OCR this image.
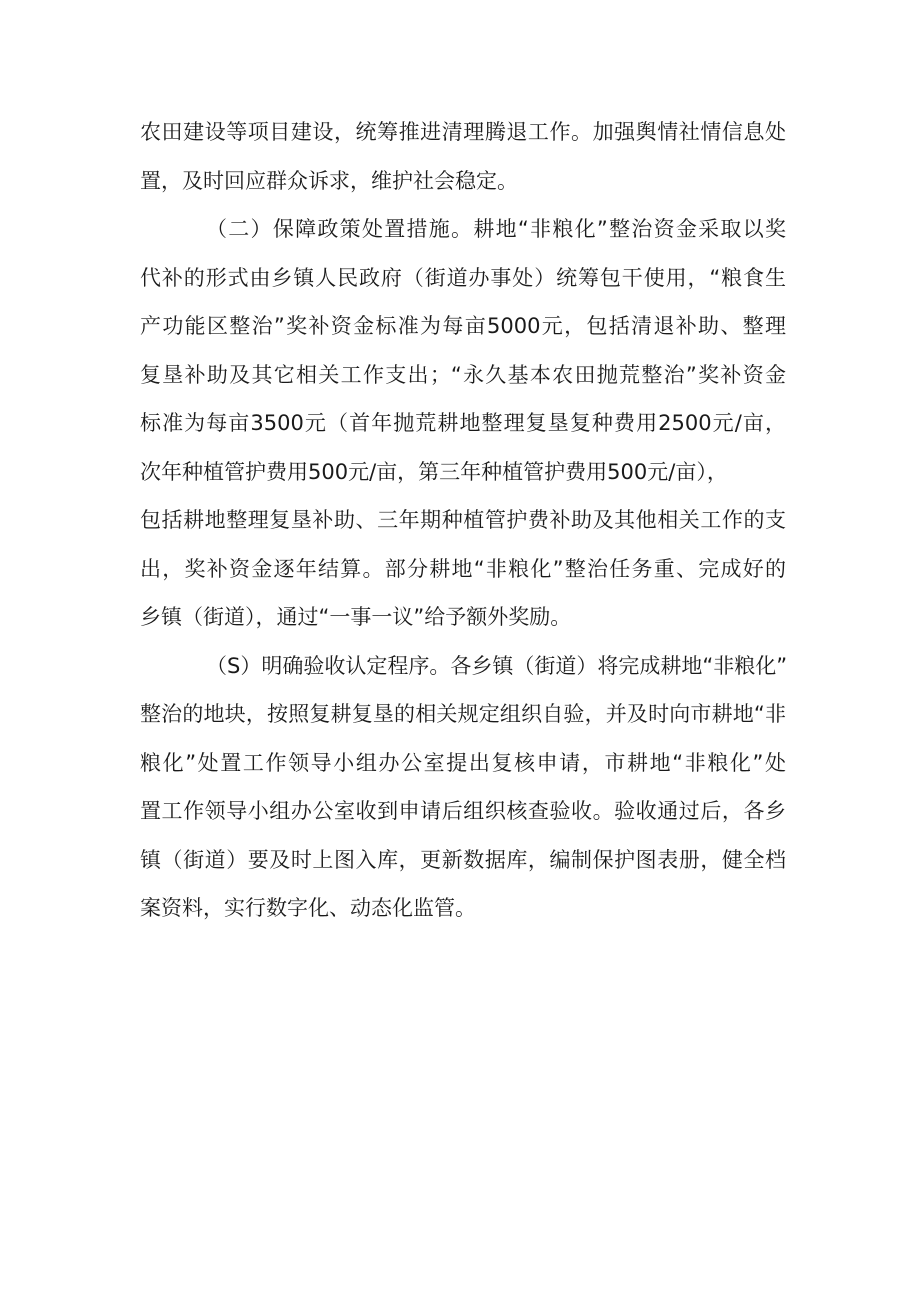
农田建设等项目建设，统筹推进清理腾退工作。加强舆情社情信息处
置，及时回应群众诉求，维护社会稳定。
（二）保障政策处置措施。耕地“非粮化”整治资金采取以奖
代补的形式由乡镇人民政府（街道办事处）统筹包干使用，“粮食生
产功能区整治”奖补资金标准为每亩5000元，包括清退补助、整理
复垦补助及其它相关工作支出；“永久基本农田抛荒整治”奖补资金
标准为每亩3500元（首年抛荒耕地整理复垦复种费用2500元/亩，
次年种植管护费用500元/亩，第三年种植管护费用500元/亩），
包括耕地整理复垦补助、三年期种植管护费补助及其他相关工作的支
出，奖补资金逐年结算。部分耕地“非粮化”整治任务重、完成好的
乡镇（街道），通过“一事一议”给予额外奖励。
（S）明确验收认定程序。各乡镇（街道）将完成耕地“非粮化”
整治的地块，按照复耕复垦的相关规定组织自验，并及时向市耕地“非
粮化”处置工作领导小组办公室提出复核申请，市耕地“非粮化”处
置工作领导小组办公室收到申请后组织核查验收。验收通过后，各乡
镇（街道）要及时上图入库，更新数据库，编制保护图表册，健全档
案资料，实行数字化、动态化监管。
